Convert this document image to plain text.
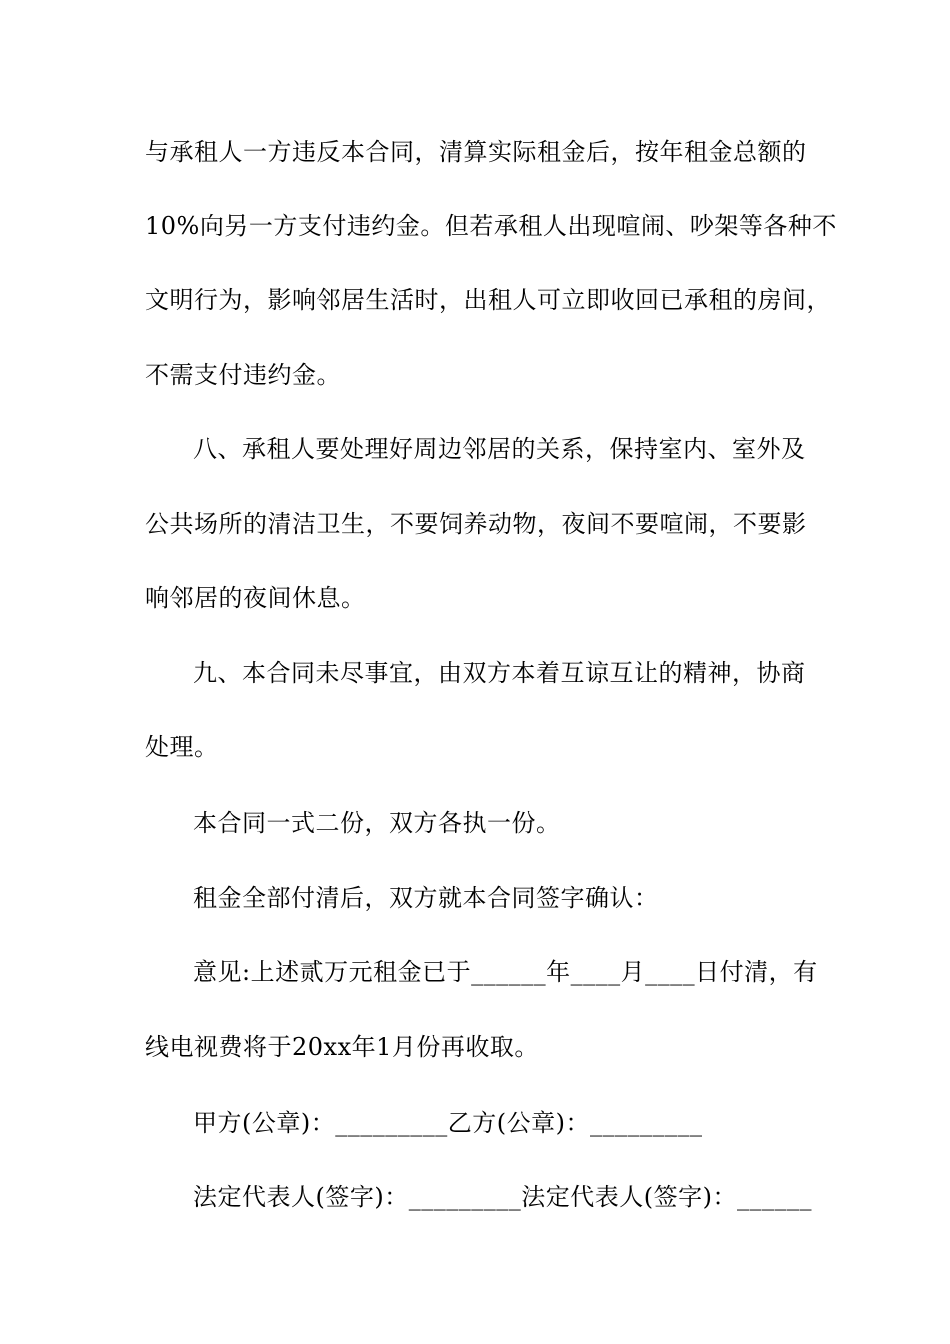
与承租人一方违反本合同，清算实际租金后，按年租金总额的
10%向另一方支付违约金。但若承租人出现喧闹、吵架等各种不
文明行为，影响邻居生活时，出租人可立即收回已承租的房间，
不需支付违约金。
八、承租人要处理好周边邻居的关系，保持室内、室外及
公共场所的清洁卫生，不要饲养动物，夜间不要喧闹，不要影
响邻居的夜间休息。
九、本合同未尽事宜，由双方本着互谅互让的精神，协商
处理。
本合同一式二份，双方各执一份。
租金全部付清后，双方就本合同签字确认：
意见:上述贰万元租金已于______年____月____日付清，有
线电视费将于20xx年1月份再收取。
甲方(公章)：_________乙方(公章)：_________
法定代表人(签字)：_________法定代表人(签字)：______
